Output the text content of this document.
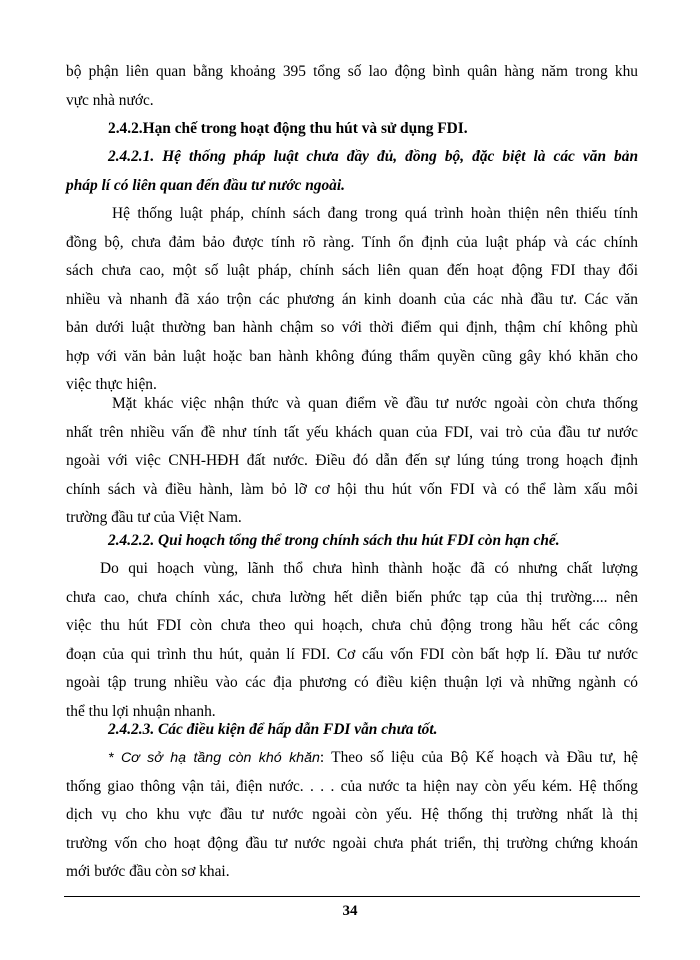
bộ phận liên quan bằng khoảng 395 tổng số lao động bình quân hàng năm trong khu
vực nhà nước.

2.4.2.Hạn chế trong hoạt động thu hút và sử dụng FDI.

2.4.2.1. Hệ thống pháp luật chưa đầy đủ, đồng bộ, đặc biệt là các văn bản
pháp lí có liên quan đến đầu tư nước ngoài.

Hệ thống luật pháp, chính sách đang trong quá trình hoàn thiện nên thiếu tính
đồng bộ, chưa đảm bảo được tính rõ ràng. Tính ổn định của luật pháp và các chính
sách chưa cao, một số luật pháp, chính sách liên quan đến hoạt động FDI thay đổi
nhiều và nhanh đã xáo trộn các phương án kinh doanh của các nhà đầu tư. Các văn
bản dưới luật thường ban hành chậm so với thời điểm qui định, thậm chí không phù
hợp với văn bản luật hoặc ban hành không đúng thẩm quyền cũng gây khó khăn cho
việc thực hiện.

Mặt khác việc nhận thức và quan điểm về đầu tư nước ngoài còn chưa thống
nhất trên nhiều vấn đề như tính tất yếu khách quan của FDI, vai trò của đầu tư nước
ngoài với việc CNH-HĐH đất nước. Điều đó dẫn đến sự lúng túng trong hoạch định
chính sách và điều hành, làm bỏ lỡ cơ hội thu hút vốn FDI và có thể làm xấu môi
trường đầu tư của Việt Nam.

2.4.2.2. Qui hoạch tổng thể trong chính sách thu hút FDI còn hạn chế.

Do qui hoạch vùng, lãnh thổ chưa hình thành hoặc đã có nhưng chất lượng
chưa cao, chưa chính xác, chưa lường hết diễn biến phức tạp của thị trường.... nên
việc thu hút FDI còn chưa theo qui hoạch, chưa chủ động trong hầu hết các công
đoạn của qui trình thu hút, quản lí FDI. Cơ cấu vốn FDI còn bất hợp lí. Đầu tư nước
ngoài tập trung nhiều vào các địa phương có điều kiện thuận lợi và những ngành có
thể thu lợi nhuận nhanh.

2.4.2.3. Các điều kiện để hấp dẫn FDI vẫn chưa tốt.

* Cơ sở hạ tầng còn khó khăn: Theo số liệu của Bộ Kế hoạch và Đầu tư, hệ
thống giao thông vận tải, điện nước. . . . của nước ta hiện nay còn yếu kém. Hệ thống
dịch vụ cho khu vực đầu tư nước ngoài còn yếu. Hệ thống thị trường nhất là thị
trường vốn cho hoạt động đầu tư nước ngoài chưa phát triển, thị trường chứng khoán
mới bước đầu còn sơ khai.

34
